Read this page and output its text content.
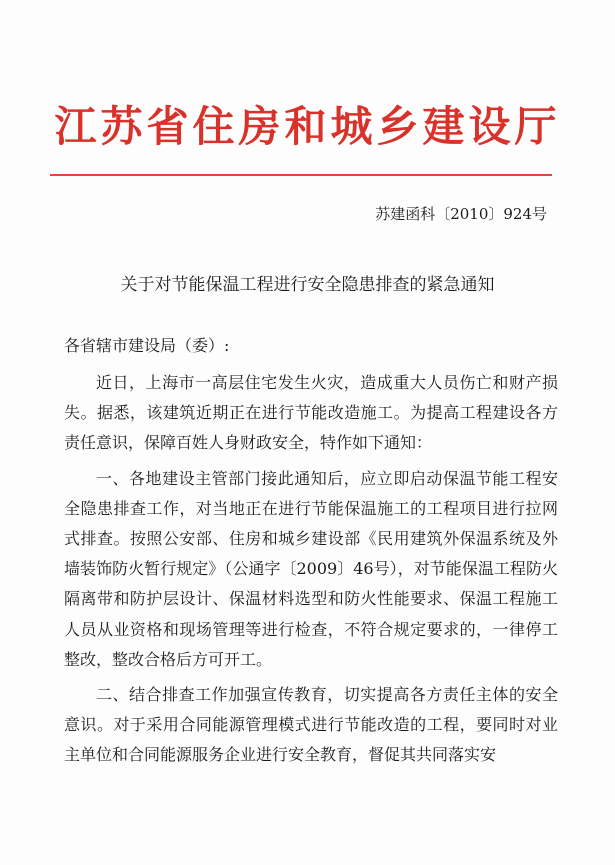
江苏省住房和城乡建设厅
苏建函科〔2010〕924号
关于对节能保温工程进行安全隐患排查的紧急通知
各省辖市建设局（委）:

近日，上海市一高层住宅发生火灾，造成重大人员伤亡和财产损失。据悉，该建筑近期正在进行节能改造施工。为提高工程建设各方责任意识，保障百姓人身财政安全，特作如下通知：

一、各地建设主管部门接此通知后，应立即启动保温节能工程安全隐患排查工作，对当地正在进行节能保温施工的工程项目进行拉网式排查。按照公安部、住房和城乡建设部《民用建筑外保温系统及外墙装饰防火暂行规定》（公通字〔2009〕46号），对节能保温工程防火隔离带和防护层设计、保温材料选型和防火性能要求、保温工程施工人员从业资格和现场管理等进行检查，不符合规定要求的，一律停工整改，整改合格后方可开工。

二、结合排查工作加强宣传教育，切实提高各方责任主体的安全意识。对于采用合同能源管理模式进行节能改造的工程，要同时对业主单位和合同能源服务企业进行安全教育，督促其共同落实安
